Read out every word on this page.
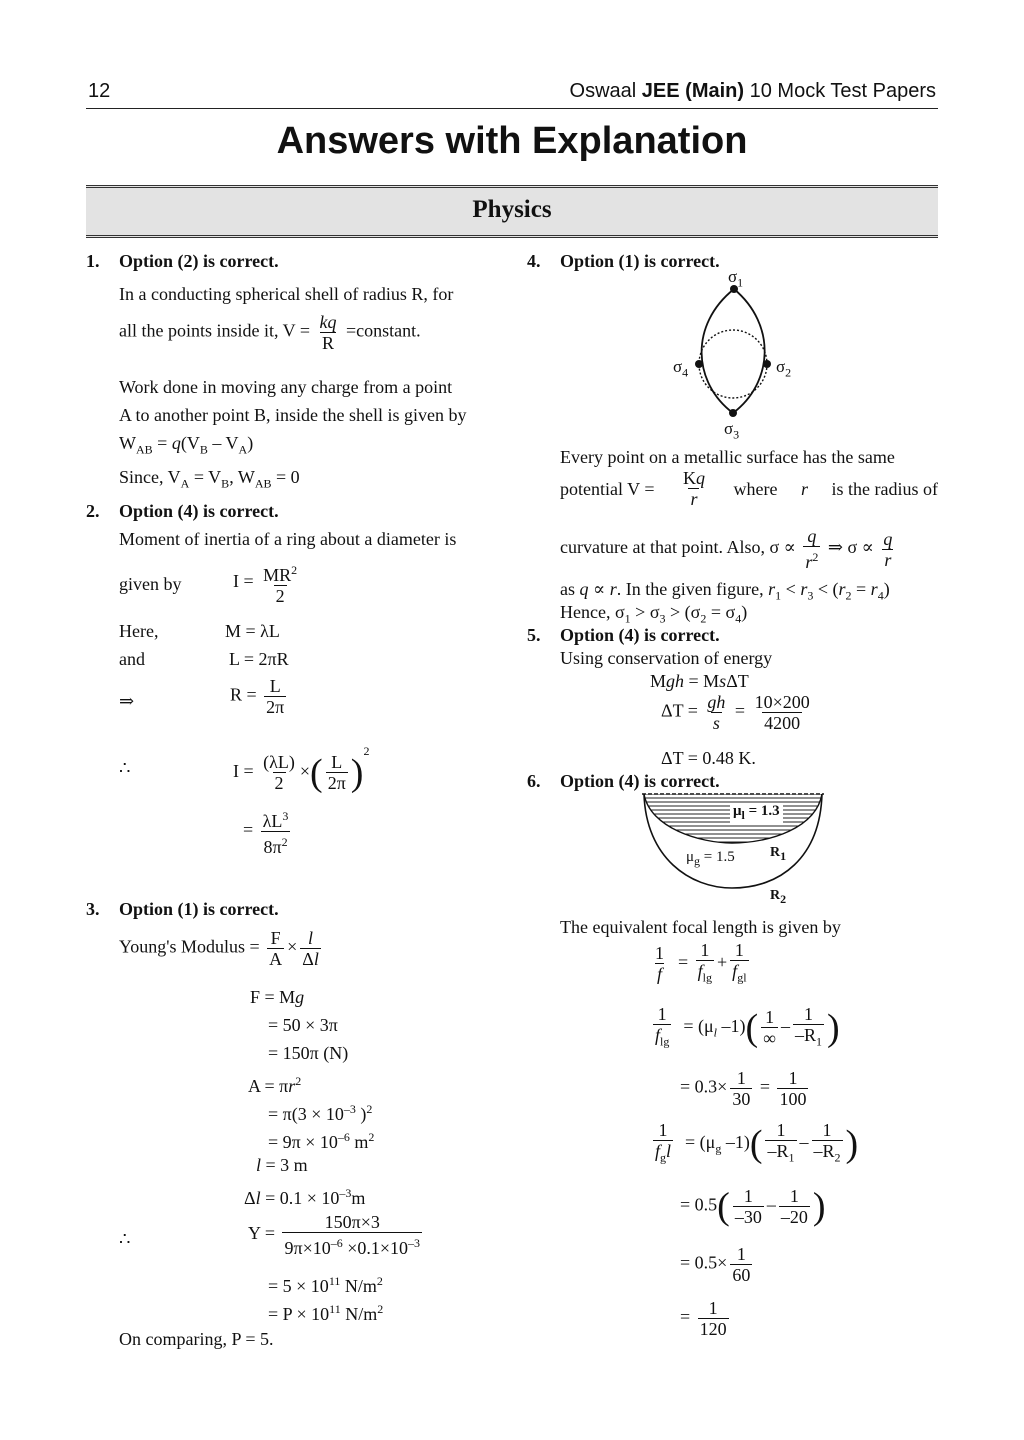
12	Oswaal JEE (Main) 10 Mock Test Papers
Answers with Explanation
Physics
1. Option (2) is correct.
In a conducting spherical shell of radius R, for
all the points inside it, $V = \frac{kq}{R}$ =constant.
Work done in moving any charge from a point
A to another point B, inside the shell is given by
$W_{AB} = q(V_B - V_A)$
Since, $V_A = V_B$, $W_{AB} = 0$
2. Option (4) is correct.
Moment of inertia of a ring about a diameter is
given by	$I = \frac{MR^2}{2}$
Here,	M = λL
and	L = 2πR
⇒	$R = \frac{L}{2\pi}$
∴	$I = \frac{(\lambda L)}{2}$ ×( $\frac{L}{2\pi} )^2$
= $\frac{\lambda L^3}{8\pi^2}$
3. Option (1) is correct.
Young's Modulus = $\frac{F}{A} \times \frac{l}{\Delta l}$
F = Mg
= 50 × 3π
= 150π (N)
$A = \pi r^2$
= $\pi(3 \times 10^{-3}$ )$^2$
= $9\pi \times 10^{-6}$ $m^2$
l = 3 m
$\Delta l = 0.1 \times 10^{-3}m$
∴	$Y = \frac{150\pi\times 3}{9\pi\times 10^{-6} \times 0.1\times 10^{-3}}$
= $5 \times 10^{11}$ $N/m^2$
= $P \times 10^{11}$ $N/m^2$
On comparing, P = 5.
4. Option (1) is correct.
$\sigma_1$
$\sigma_2$
$\sigma_3$
$\sigma_4$
Every point on a metallic surface has the same
potential $V = \frac{Kq}{r}$ where r is the radius of
curvature at that point. Also, $\sigma \propto \frac{q}{r^2}$ ⇒ $\sigma \propto \frac{q}{r}$
as q ∝ r. In the given figure, $r_1 < r_3 < (r_2 = r_4)$
Hence, $\sigma_1 > \sigma_3 > (\sigma_2 = \sigma_4)$
5. Option (4) is correct.
Using conservation of energy
Mgh = MsΔT
$\Delta T = \frac{gh}{s} = \frac{10\times 200}{4200}$
ΔT = 0.48 K.
6. Option (4) is correct.
$\mu_l = 1.3$
$\mu_g = 1.5$	$R_1$
$R_2$
The equivalent focal length is given by
$\frac{1}{f} = \frac{1}{f_{lg}} + \frac{1}{f_{gl}}$
$\frac{1}{f_{lg}} = (\mu_l$ $-1)( \frac{1}{\infty} - \frac{1}{-R_1}$ )
= $0.3\times \frac{1}{30} = \frac{1}{100}$
$\frac{1}{f_gl} = (\mu_g$ $-1)( \frac{1}{-R_1} - \frac{1}{-R_2}$ )
= $0.5( \frac{1}{-30} - \frac{1}{-20}$ )
= $0.5\times \frac{1}{60}$
= $\frac{1}{120}$
